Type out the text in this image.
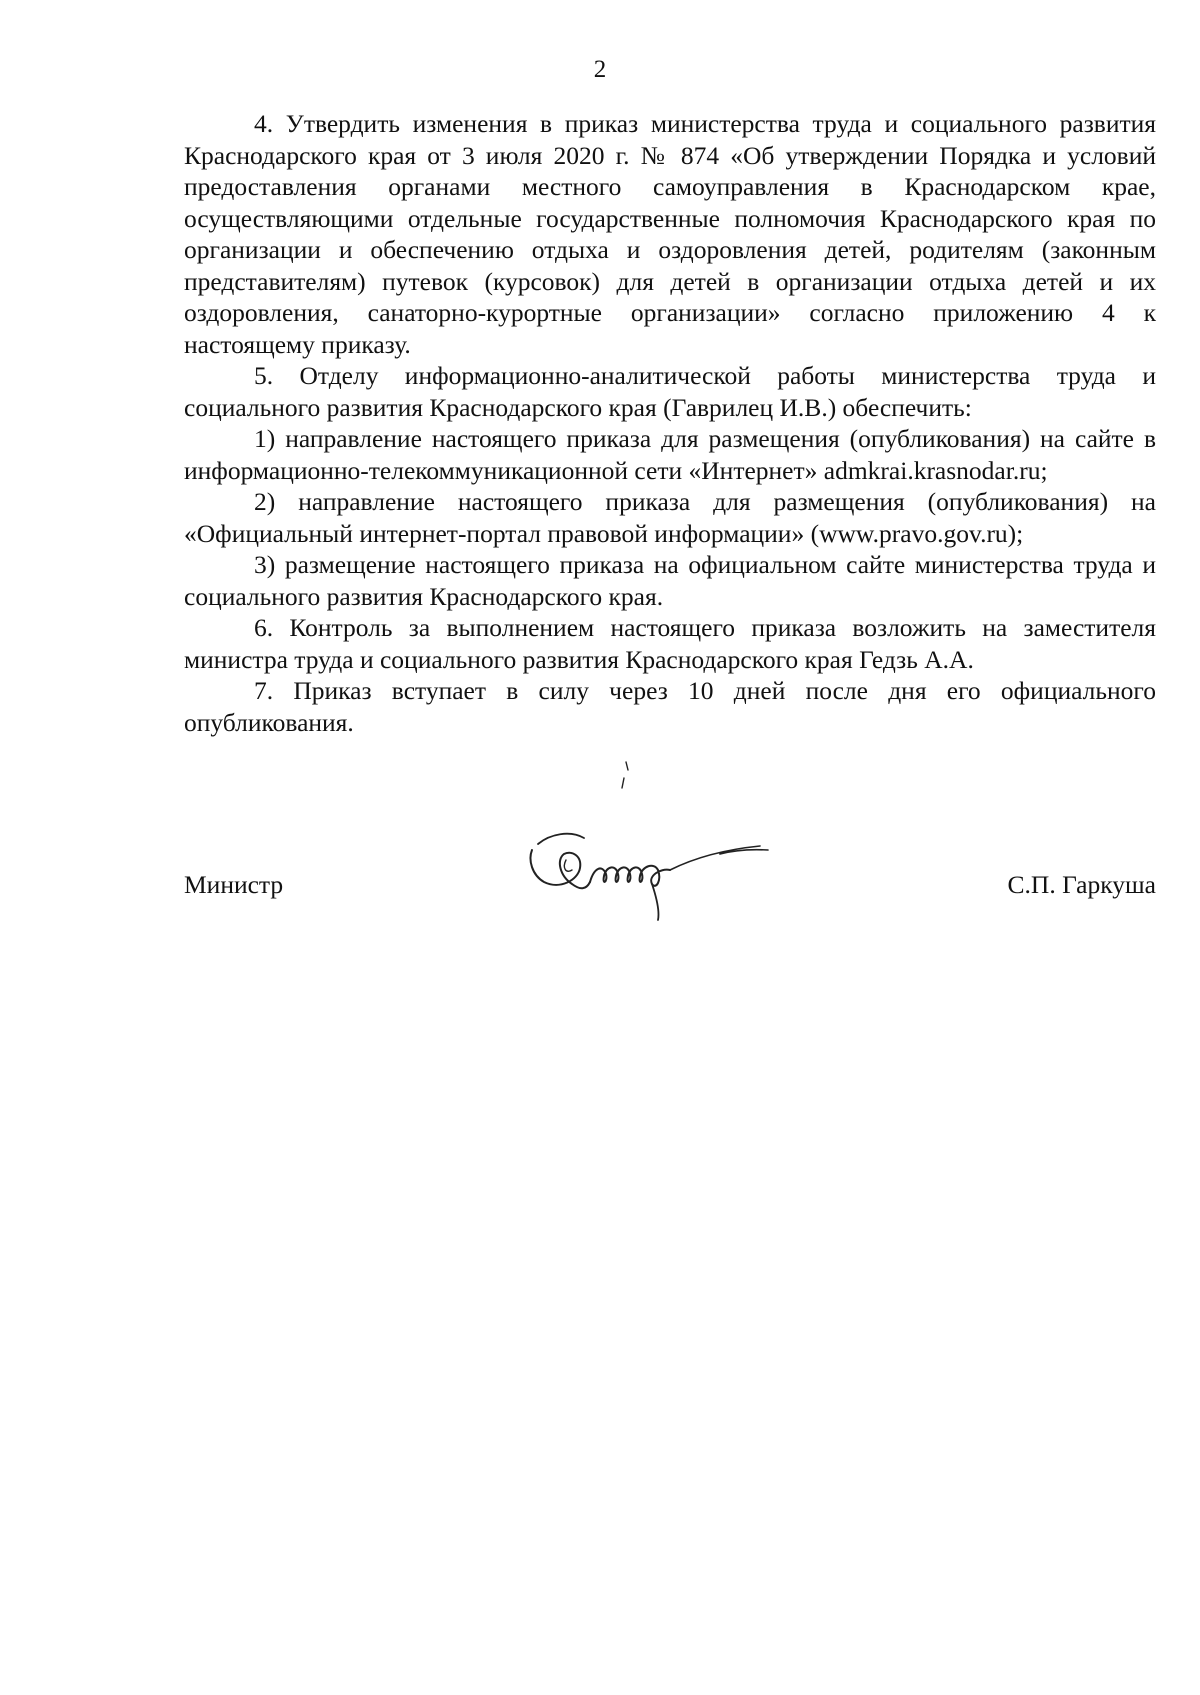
2

4. Утвердить изменения в приказ министерства труда и социального развития Краснодарского края от 3 июля 2020 г. № 874 «Об утверждении Порядка и условий предоставления органами местного самоуправления в Краснодарском крае, осуществляющими отдельные государственные полномочия Краснодарского края по организации и обеспечению отдыха и оздоровления детей, родителям (законным представителям) путевок (курсовок) для детей в организации отдыха детей и их оздоровления, санаторно-курортные организации» согласно приложению 4 к настоящему приказу.

5. Отделу информационно-аналитической работы министерства труда и социального развития Краснодарского края (Гаврилец И.В.) обеспечить:

1) направление настоящего приказа для размещения (опубликования) на сайте в информационно-телекоммуникационной сети «Интернет» admkrai.krasnodar.ru;

2) направление настоящего приказа для размещения (опубликования) на «Официальный интернет-портал правовой информации» (www.pravo.gov.ru);

3) размещение настоящего приказа на официальном сайте министерства труда и социального развития Краснодарского края.

6. Контроль за выполнением настоящего приказа возложить на заместителя министра труда и социального развития Краснодарского края Гедзь А.А.

7. Приказ вступает в силу через 10 дней после дня его официального опубликования.

Министр	С.П. Гаркуша
